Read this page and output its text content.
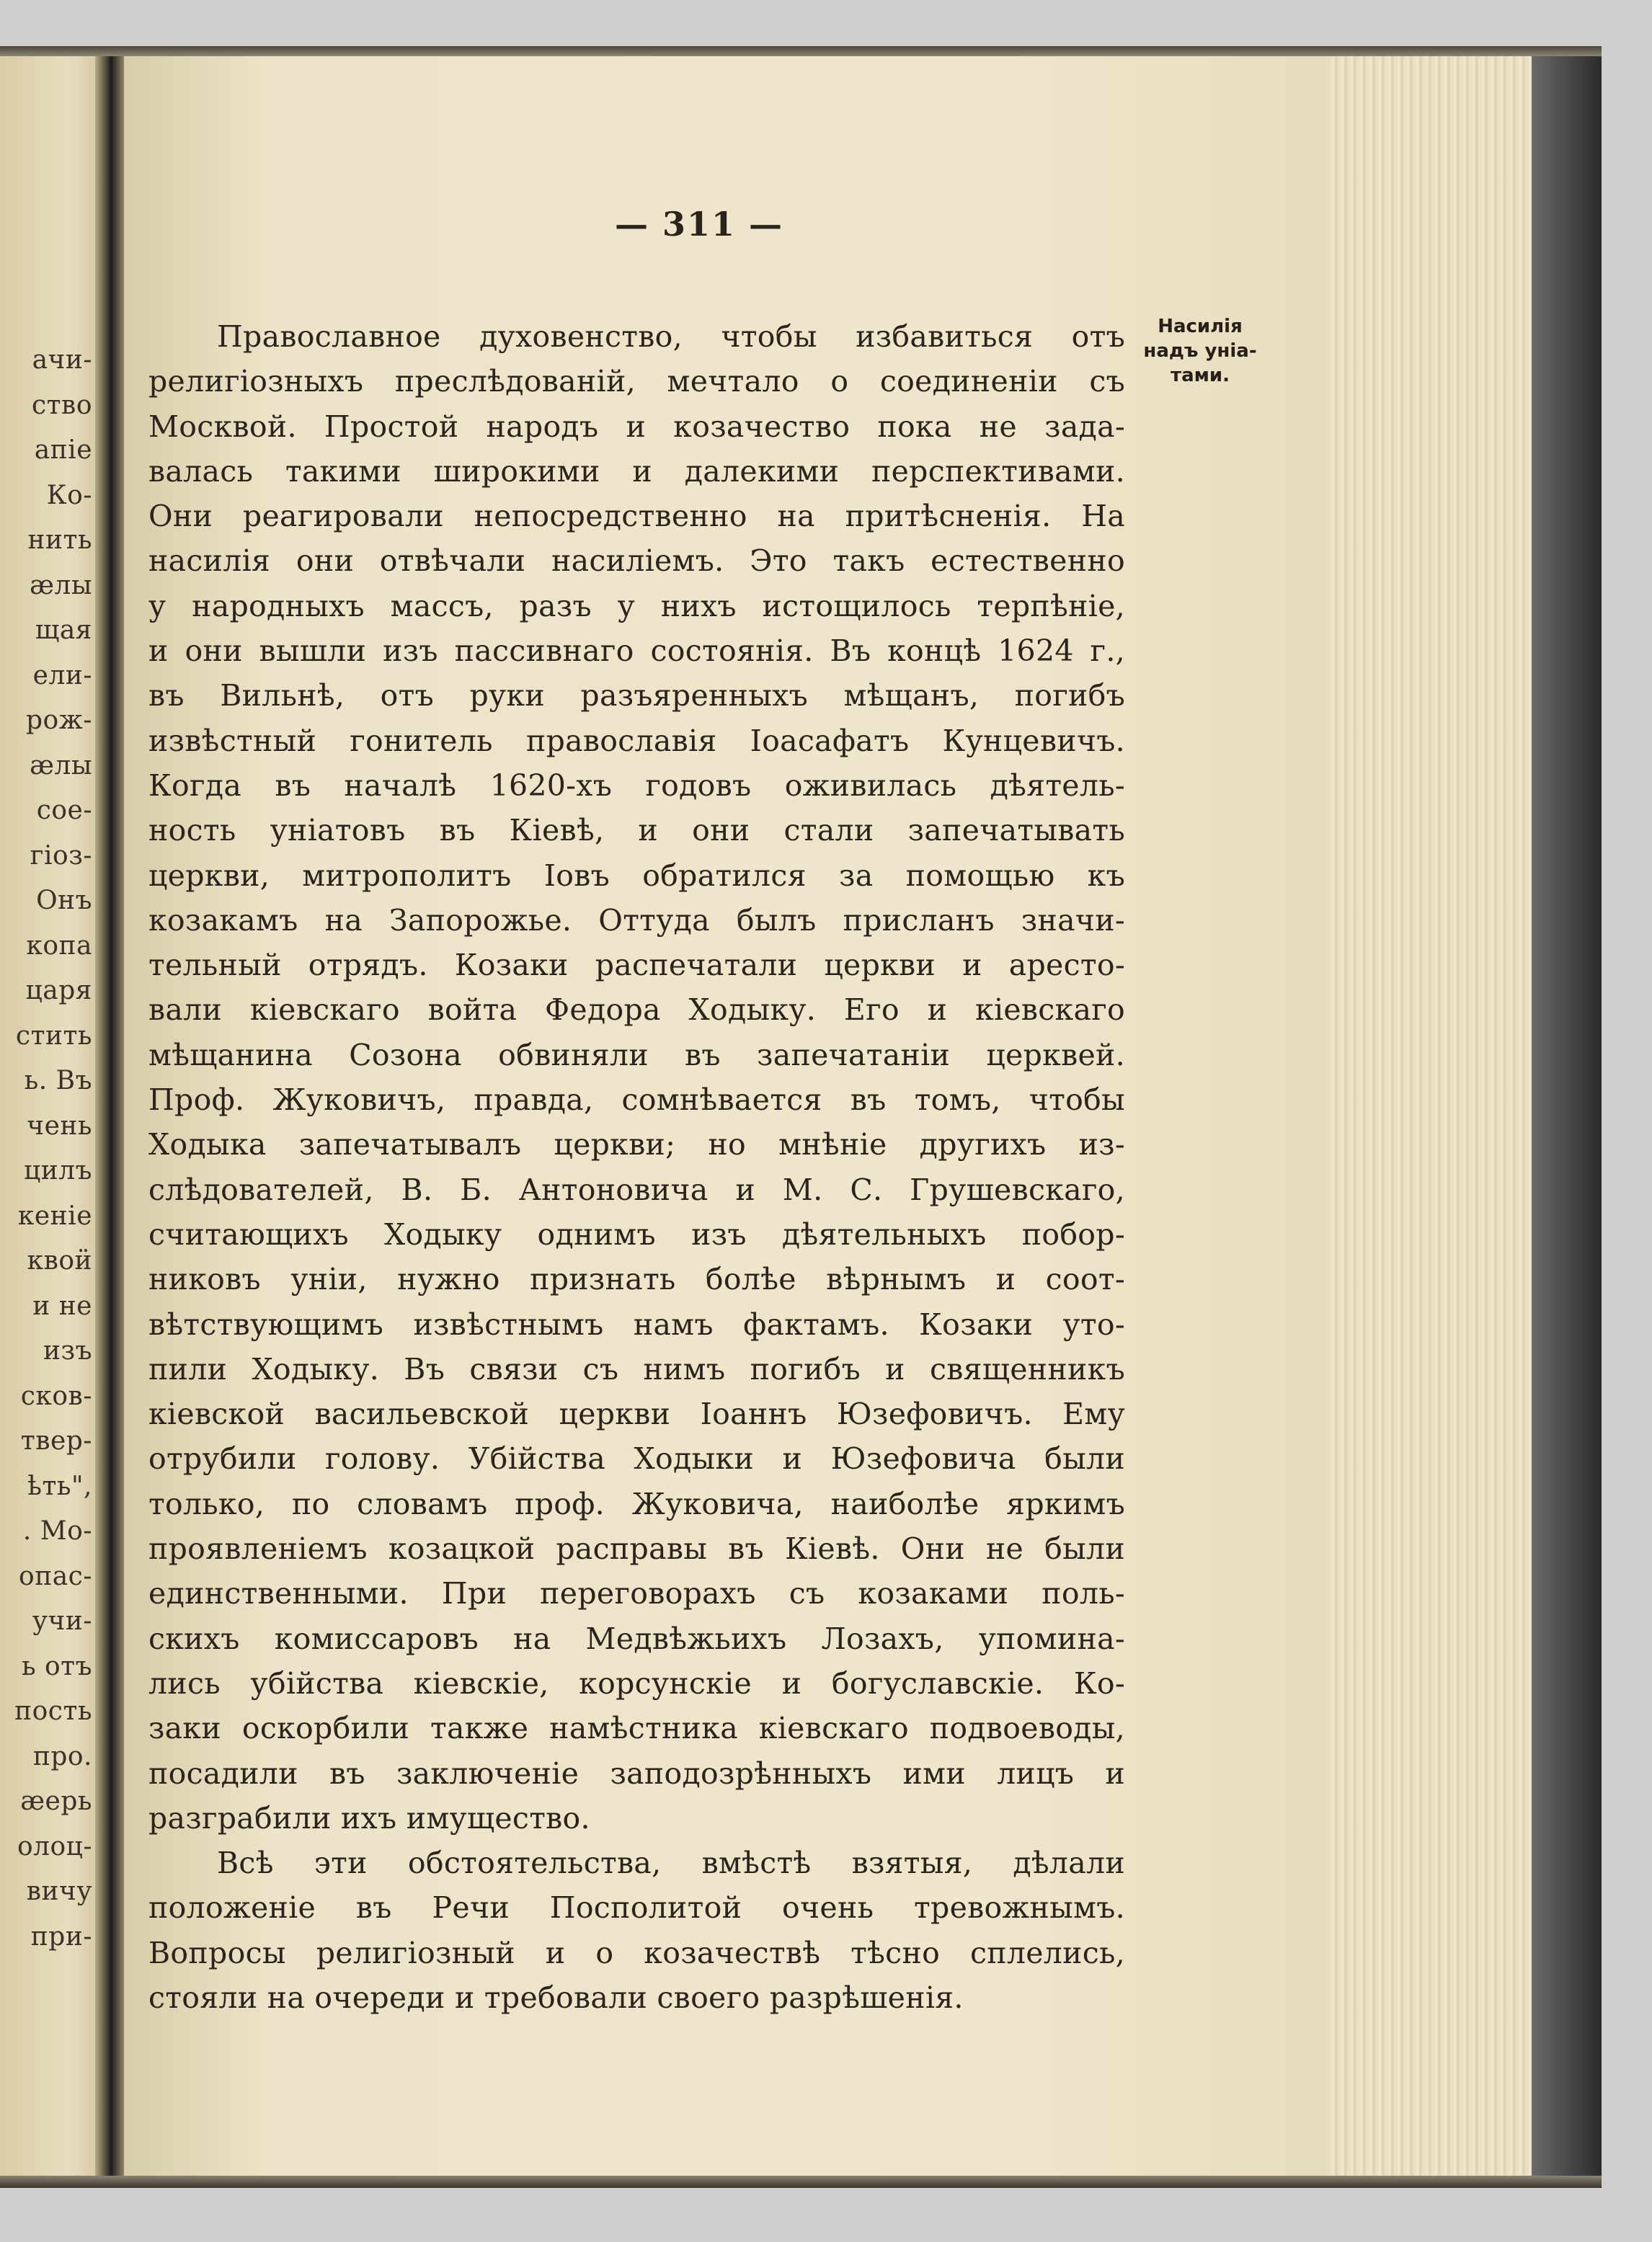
ачи-
ство
апіе
Ко-
нить
ӕлы
щая
ели-
рож-
ӕлы
сое-
гіоз-
Онъ
копа
царя
стить
ь. Въ
чень
цилъ
кеніе
квоӥ
и не
изъ
сков-
твер-
ҍть",
. Мо-
опас-
учи-
ь отъ
пость
про.
ӕерь
олоц-
вичу
при-
— 311 —
Насилія
надъ уніа-
тами.
Православное духовенство, чтобы избавиться отъ
религіозныхъ преслѣдованій, мечтало о соединеніи съ
Москвой. Простой народъ и козачество пока не зада-
валась такими широкими и далекими перспективами.
Они реагировали непосредственно на притѣсненія. На
насилія они отвѣчали насиліемъ. Это такъ естественно
у народныхъ массъ, разъ у нихъ истощилось терпѣніе,
и они вышли изъ пассивнаго состоянія. Въ концѣ 1624 г.,
въ Вильнѣ, отъ руки разъяренныхъ мѣщанъ, погибъ
извѣстный гонитель православія Іоасафатъ Кунцевичъ.
Когда въ началѣ 1620-хъ годовъ оживилась дѣятель-
ность уніатовъ въ Кіевѣ, и они стали запечатывать
церкви, митрополитъ Іовъ обратился за помощью къ
козакамъ на Запорожье. Оттуда былъ присланъ значи-
тельный отрядъ. Козаки распечатали церкви и аресто-
вали кіевскаго войта Федора Ходыку. Его и кіевскаго
мѣщанина Созона обвиняли въ запечатаніи церквей.
Проф. Жуковичъ, правда, сомнѣвается въ томъ, чтобы
Ходыка запечатывалъ церкви; но мнѣніе другихъ из-
слѣдователей, В. Б. Антоновича и М. С. Грушевскаго,
считающихъ Ходыку однимъ изъ дѣятельныхъ побор-
никовъ уніи, нужно признать болѣе вѣрнымъ и соот-
вѣтствующимъ извѣстнымъ намъ фактамъ. Козаки уто-
пили Ходыку. Въ связи съ нимъ погибъ и священникъ
кіевской васильевской церкви Іоаннъ Юзефовичъ. Ему
отрубили голову. Убійства Ходыки и Юзефовича были
только, по словамъ проф. Жуковича, наиболѣе яркимъ
проявленіемъ козацкой расправы въ Кіевѣ. Они не были
единственными. При переговорахъ съ козаками поль-
скихъ комиссаровъ на Медвѣжьихъ Лозахъ, упомина-
лись убійства кіевскіе, корсунскіе и богуславскіе. Ко-
заки оскорбили также намѣстника кіевскаго подвоеводы,
посадили въ заключеніе заподозрѣнныхъ ими лицъ и
разграбили ихъ имущество.
Всѣ эти обстоятельства, вмѣстѣ взятыя, дѣлали
положеніе въ Речи Посполитой очень тревожнымъ.
Вопросы религіозный и о козачествѣ тѣсно сплелись,
стояли на очереди и требовали своего разрѣшенія.
